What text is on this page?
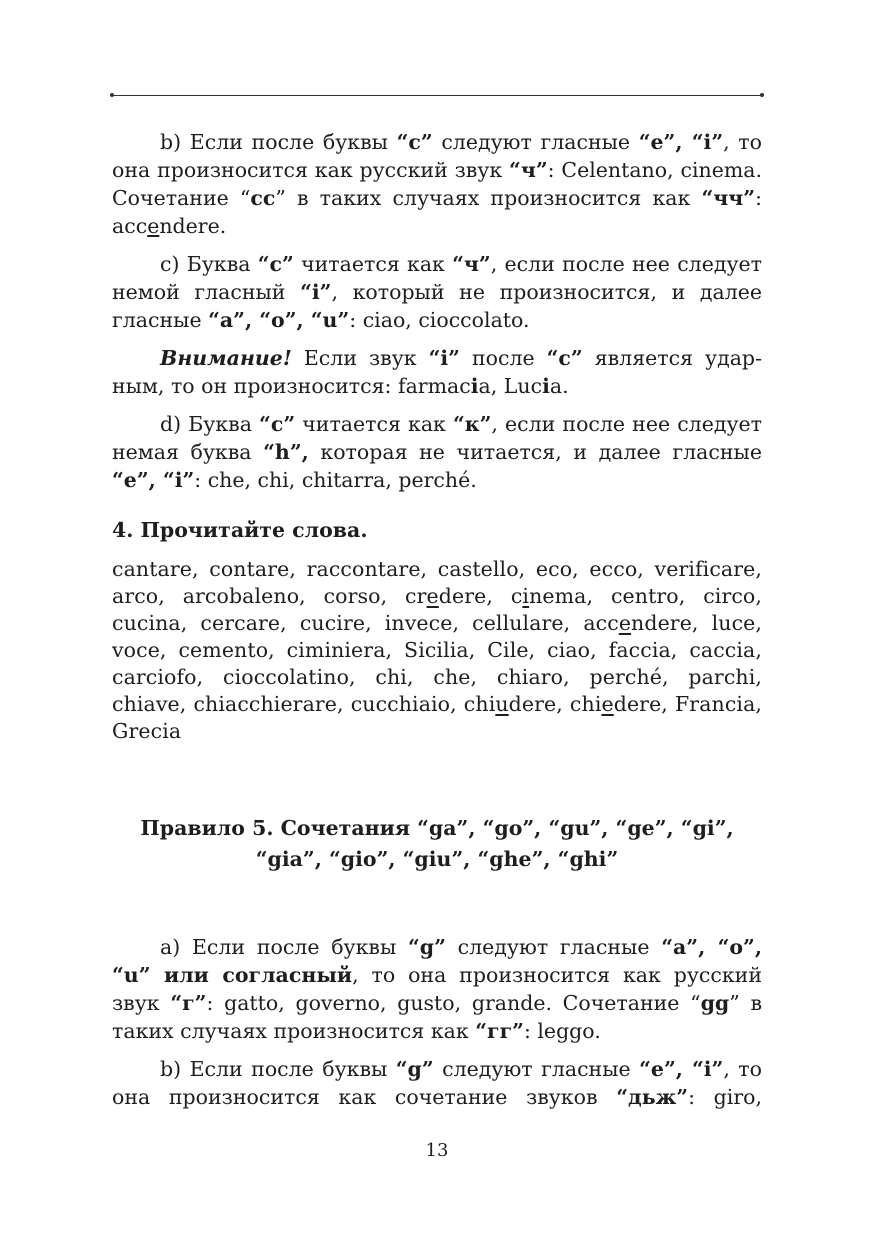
b) Если после буквы “c” следуют гласные “e”, “i”, то она произносится как русский звук “ч”: Celentano, cinema. Сочетание “cc” в таких случаях произносится как “чч”: accendere.

c) Буква “c” читается как “ч”, если после нее следует немой гласный “i”, который не произносится, и далее гласные “a”, “o”, “u”: ciao, cioccolato.

Внимание! Если звук “i” после “c” является ударным, то он произносится: farmacia, Lucia.

d) Буква “c” читается как “к”, если после нее следует немая буква “h”, которая не читается, и далее гласные “e”, “i”: che, chi, chitarra, perché.

4. Прочитайте слова.

cantare, contare, raccontare, castello, eco, ecco, verificare, arco, arcobaleno, corso, credere, cinema, centro, circo, cucina, cercare, cucire, invece, cellulare, accendere, luce, voce, cemento, ciminiera, Sicilia, Cile, ciao, faccia, caccia, carciofo, cioccolatino, chi, che, chiaro, perché, parchi, chiave, chiacchierare, cucchiaio, chiudere, chiedere, Francia, Grecia

Правило 5. Сочетания “ga”, “go”, “gu”, “ge”, “gi”,
“gia”, “gio”, “giu”, “ghe”, “ghi”

a) Если после буквы “g” следуют гласные “a”, “o”, “u” или согласный, то она произносится как русский звук “г”: gatto, governo, gusto, grande. Сочетание “gg” в таких случаях произносится как “гг”: leggo.

b) Если после буквы “g” следуют гласные “e”, “i”, то она произносится как сочетание звуков “дьж”: giro,

13
